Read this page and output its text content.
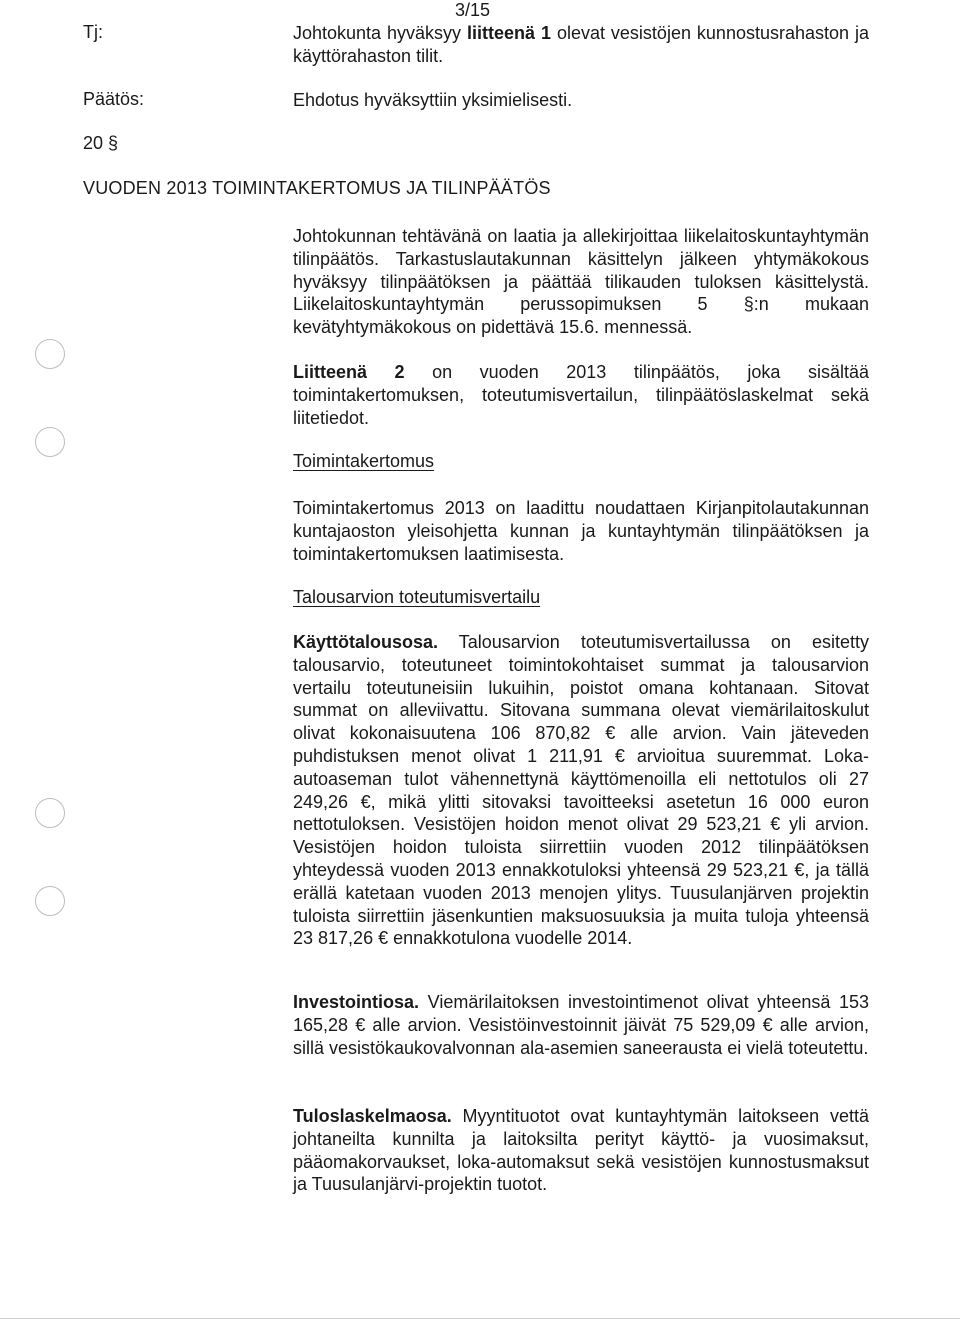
3/15
Tj:	Johtokunta hyväksyy liitteenä 1 olevat vesistöjen kunnostusrahaston ja käyttörahaston tilit.
Päätös:	Ehdotus hyväksyttiin yksimielisesti.
20 §
VUODEN 2013 TOIMINTAKERTOMUS JA TILINPÄÄTÖS
Johtokunnan tehtävänä on laatia ja allekirjoittaa liikelaitoskuntayhtymän tilinpäätös. Tarkastuslautakunnan käsittelyn jälkeen yhtymäkokous hyväksyy tilinpäätöksen ja päättää tilikauden tuloksen käsittelystä. Liikelaitoskuntayhtymän perussopimuksen 5 §:n mukaan kevätyhtymäkokous on pidettävä 15.6. mennessä.
Liitteenä 2 on vuoden 2013 tilinpäätös, joka sisältää toimintakertomuksen, toteutumisvertailun, tilinpäätöslaskelmat sekä liitetiedot.
Toimintakertomus
Toimintakertomus 2013 on laadittu noudattaen Kirjanpitolautakunnan kuntajaoston yleisohjetta kunnan ja kuntayhtymän tilinpäätöksen ja toimintakertomuksen laatimisesta.
Talousarvion toteutumisvertailu
Käyttötalousosa. Talousarvion toteutumisvertailussa on esitetty talousarvio, toteutuneet toimintokohtaiset summat ja talousarvion vertailu toteutuneisiin lukuihin, poistot omana kohtanaan. Sitovat summat on alleviivattu. Sitovana summana olevat viemärilaitoskulut olivat kokonaisuutena 106 870,82 € alle arvion. Vain jäteveden puhdistuksen menot olivat 1 211,91 € arvioitua suuremmat. Loka-autoaseman tulot vähennettynä käyttömenoilla eli nettotulos oli 27 249,26 €, mikä ylitti sitovaksi tavoitteeksi asetetun 16 000 euron nettotuloksen. Vesistöjen hoidon menot olivat 29 523,21 € yli arvion. Vesistöjen hoidon tuloista siirrettiin vuoden 2012 tilinpäätöksen yhteydessä vuoden 2013 ennakkotuloksi yhteensä 29 523,21 €, ja tällä erällä katetaan vuoden 2013 menojen ylitys. Tuusulanjärven projektin tuloista siirrettiin jäsenkuntien maksuosuuksia ja muita tuloja yhteensä 23 817,26 € ennakkotulona vuodelle 2014.
Investointiosa. Viemärilaitoksen investointimenot olivat yhteensä 153 165,28 € alle arvion. Vesistöinvestoinnit jäivät 75 529,09 € alle arvion, sillä vesistökaukovalvonnan ala-asemien saneerausta ei vielä toteutettu.
Tuloslaskelmaosa. Myyntituotot ovat kuntayhtymän laitokseen vettä johtaneilta kunnilta ja laitoksilta perityt käyttö- ja vuosimaksut, pääomakorvaukset, loka-automaksut sekä vesistöjen kunnostusmaksut ja Tuusulanjärvi-projektin tuotot.
